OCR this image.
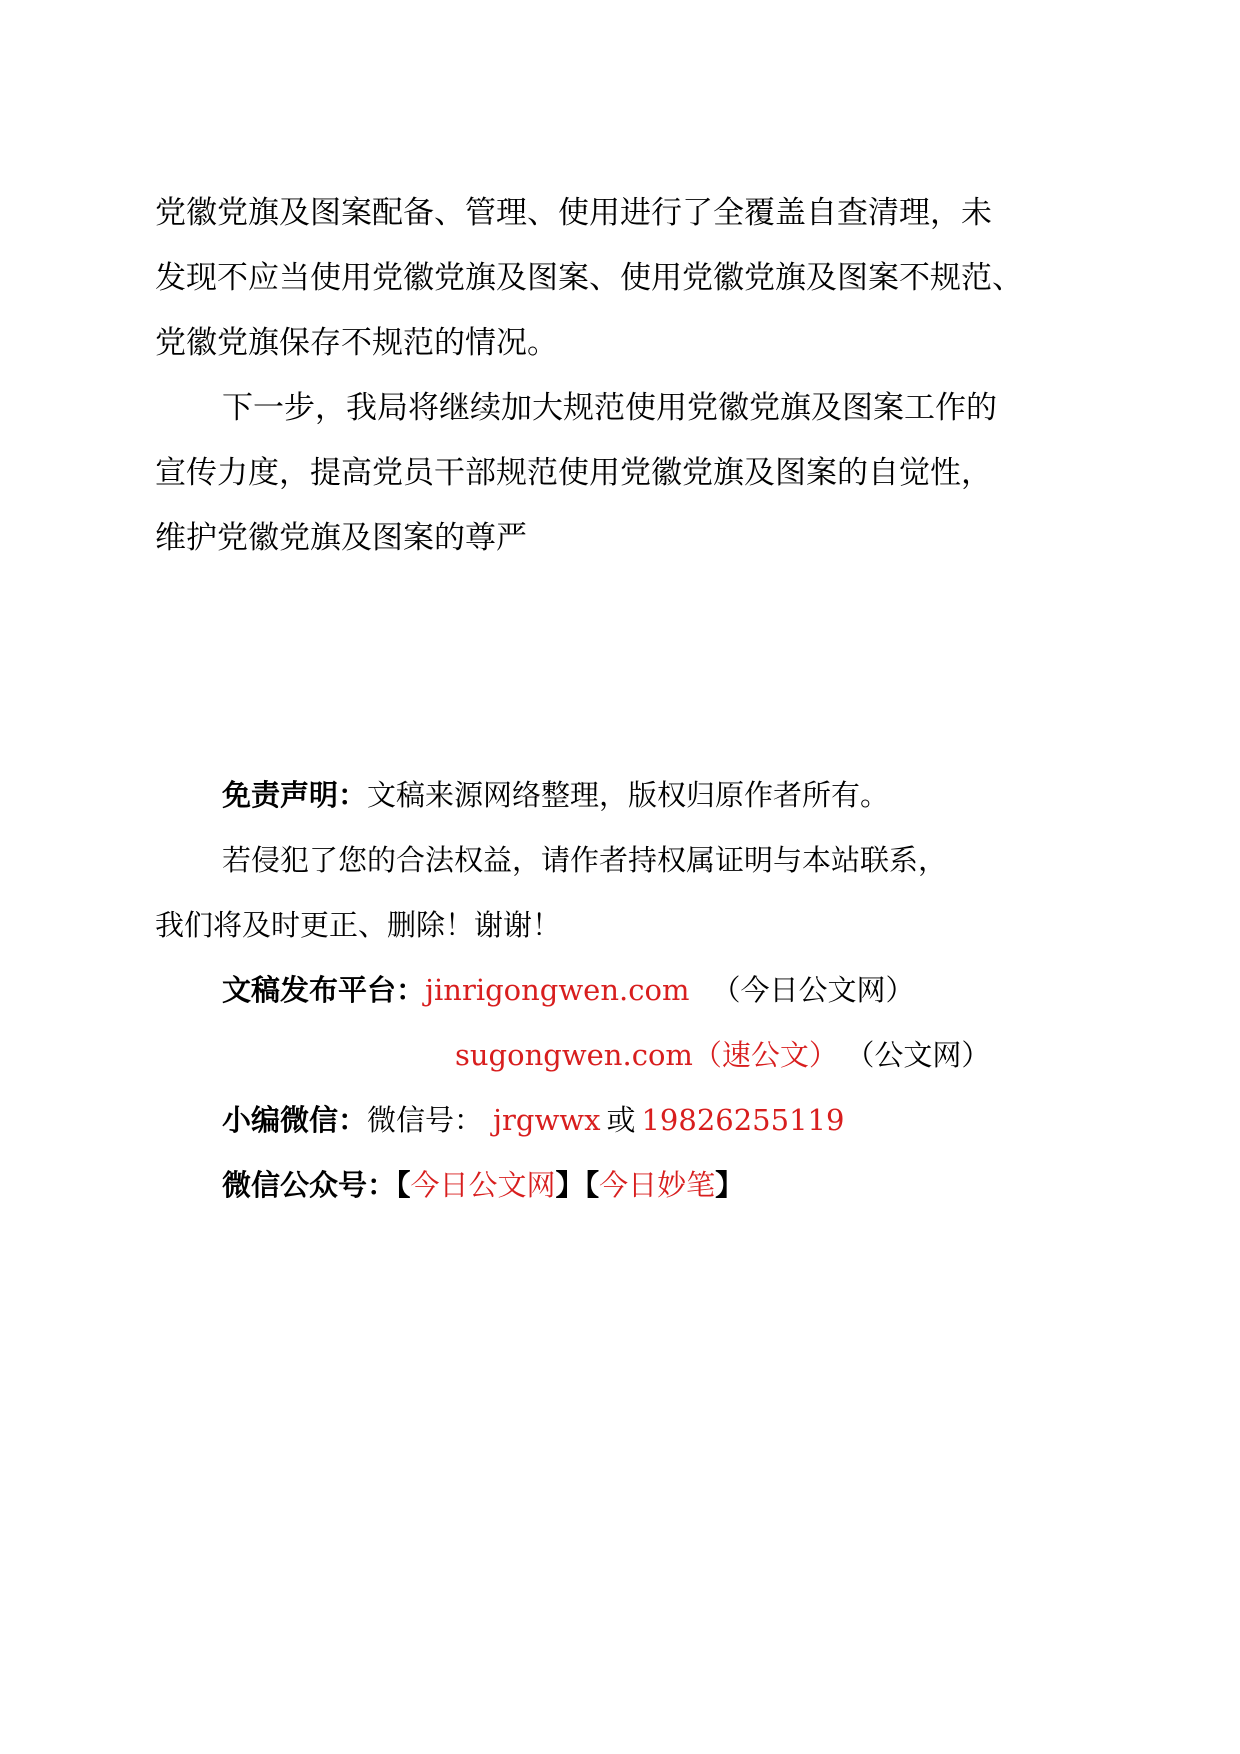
党徽党旗及图案配备、管理、使用进行了全覆盖自查清理，未
发现不应当使用党徽党旗及图案、使用党徽党旗及图案不规范、
党徽党旗保存不规范的情况。
下一步，我局将继续加大规范使用党徽党旗及图案工作的
宣传力度，提高党员干部规范使用党徽党旗及图案的自觉性，
维护党徽党旗及图案的尊严
免责声明：文稿来源网络整理，版权归原作者所有。
若侵犯了您的合法权益，请作者持权属证明与本站联系，
我们将及时更正、删除！谢谢！
文稿发布平台：jinrigongwen.com （今日公文网）
sugongwen.com（速公文） （公文网）
小编微信：微信号： jrgwwx 或 19826255119
微信公众号：【今日公文网】【今日妙笔】
